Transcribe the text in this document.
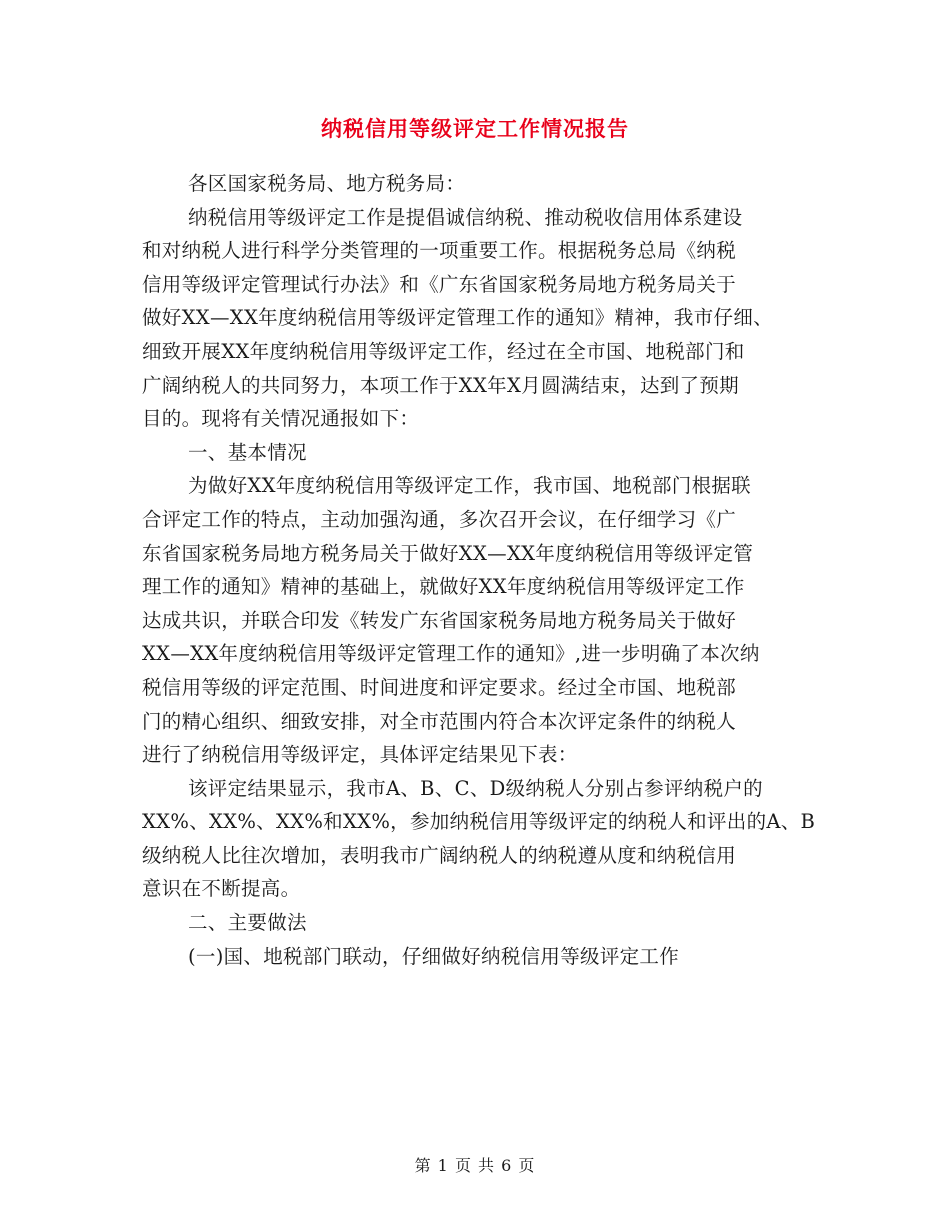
纳税信用等级评定工作情况报告
各区国家税务局、地方税务局：
纳税信用等级评定工作是提倡诚信纳税、推动税收信用体系建设
和对纳税人进行科学分类管理的一项重要工作。根据税务总局《纳税
信用等级评定管理试行办法》和《广东省国家税务局地方税务局关于
做好XX—XX年度纳税信用等级评定管理工作的通知》精神，我市仔细、
细致开展XX年度纳税信用等级评定工作，经过在全市国、地税部门和
广阔纳税人的共同努力，本项工作于XX年X月圆满结束，达到了预期
目的。现将有关情况通报如下：
一、基本情况
为做好XX年度纳税信用等级评定工作，我市国、地税部门根据联
合评定工作的特点，主动加强沟通，多次召开会议，在仔细学习《广
东省国家税务局地方税务局关于做好XX—XX年度纳税信用等级评定管
理工作的通知》精神的基础上，就做好XX年度纳税信用等级评定工作
达成共识，并联合印发《转发广东省国家税务局地方税务局关于做好
XX—XX年度纳税信用等级评定管理工作的通知》,进一步明确了本次纳
税信用等级的评定范围、时间进度和评定要求。经过全市国、地税部
门的精心组织、细致安排，对全市范围内符合本次评定条件的纳税人
进行了纳税信用等级评定，具体评定结果见下表：
该评定结果显示，我市A、B、C、D级纳税人分别占参评纳税户的
XX%、XX%、XX%和XX%，参加纳税信用等级评定的纳税人和评出的A、B
级纳税人比往次增加，表明我市广阔纳税人的纳税遵从度和纳税信用
意识在不断提高。
二、主要做法
(一)国、地税部门联动，仔细做好纳税信用等级评定工作
第 1 页 共 6 页
